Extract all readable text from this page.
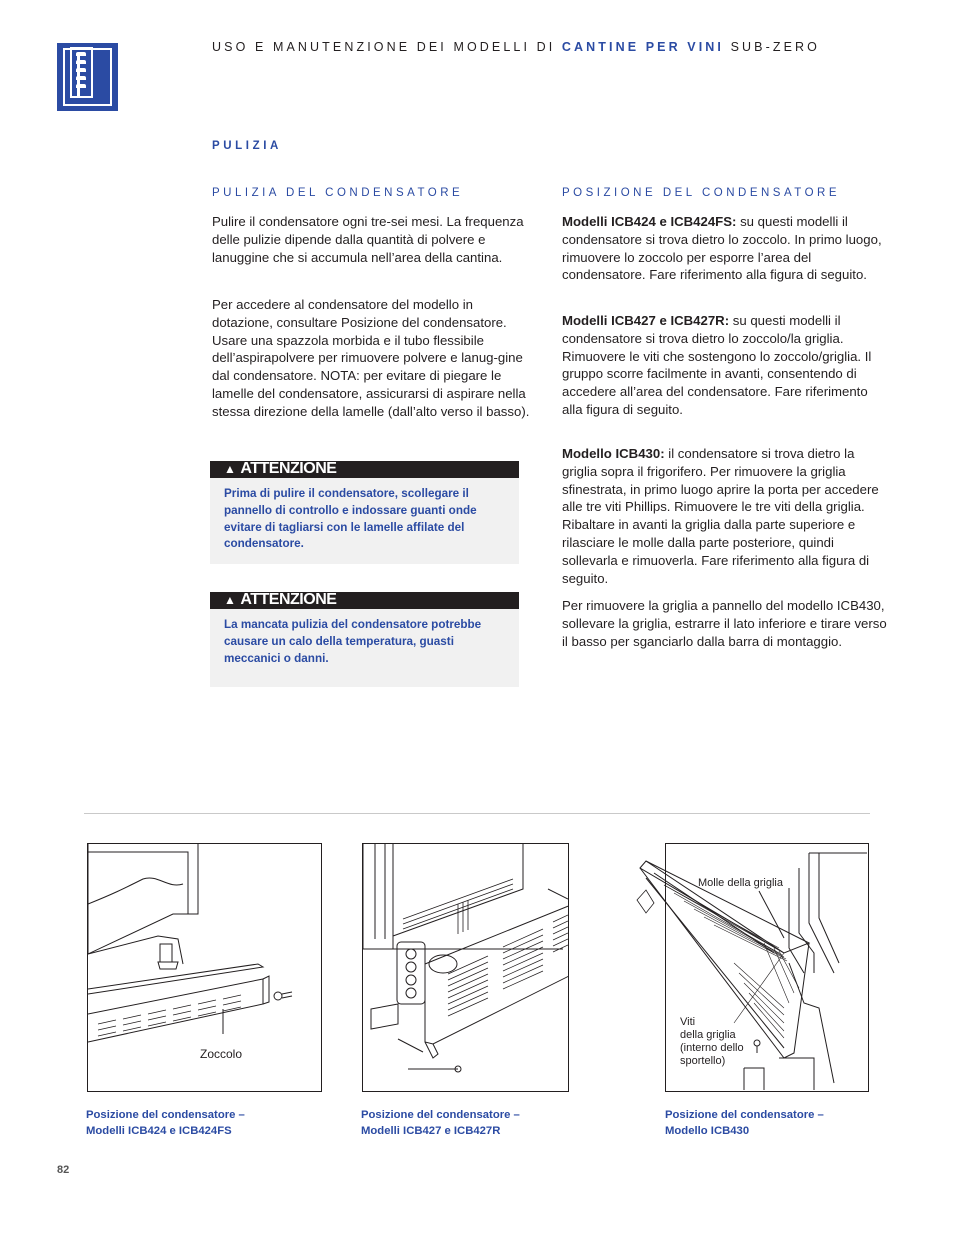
USO E MANUTENZIONE DEI MODELLI DI CANTINE PER VINI SUB-ZERO
PULIZIA
PULIZIA DEL CONDENSATORE
Pulire il condensatore ogni tre-sei mesi. La frequenza delle pulizie dipende dalla quantità di polvere e lanuggine che si accumula nell’area della cantina.
Per accedere al condensatore del modello in dotazione, consultare Posizione del condensatore. Usare una spazzola morbida e il tubo flessibile dell’aspirapolvere per rimuovere polvere e lanug-gine dal condensatore. NOTA: per evitare di piegare le lamelle del condensatore, assicurarsi di aspirare nella stessa direzione della lamelle (dall’alto verso il basso).
▲ ATTENZIONE
Prima di pulire il condensatore, scollegare il pannello di controllo e indossare guanti onde evitare di tagliarsi con le lamelle affilate del condensatore.
▲ ATTENZIONE
La mancata pulizia del condensatore potrebbe causare un calo della temperatura, guasti meccanici o danni.
POSIZIONE DEL CONDENSATORE
Modelli ICB424 e ICB424FS: su questi modelli il condensatore si trova dietro lo zoccolo. In primo luogo, rimuovere lo zoccolo per esporre l’area del condensatore. Fare riferimento alla figura di seguito.
Modelli ICB427 e ICB427R: su questi modelli il condensatore si trova dietro lo zoccolo/la griglia. Rimuovere le viti che sostengono lo zoccolo/griglia. Il gruppo scorre facilmente in avanti, consentendo di accedere all’area del condensatore. Fare riferimento alla figura di seguito.
Modello ICB430: il condensatore si trova dietro la griglia sopra il frigorifero. Per rimuovere la griglia sfinestrata, in primo luogo aprire la porta per accedere alle tre viti Phillips. Rimuovere le tre viti della griglia. Ribaltare in avanti la griglia dalla parte superiore e rilasciare le molle dalla parte posteriore, quindi sollevarla e rimuoverla. Fare riferimento alla figura di seguito.
Per rimuovere la griglia a pannello del modello ICB430, sollevare la griglia, estrarre il lato inferiore e tirare verso il basso per sganciarlo dalla barra di montaggio.
Zoccolo
Posizione del condensatore –
Modelli ICB424 e ICB424FS
Posizione del condensatore –
Modelli ICB427 e ICB427R
Molle della griglia
Viti
della griglia
(interno dello
sportello)
Posizione del condensatore –
Modello ICB430
82
